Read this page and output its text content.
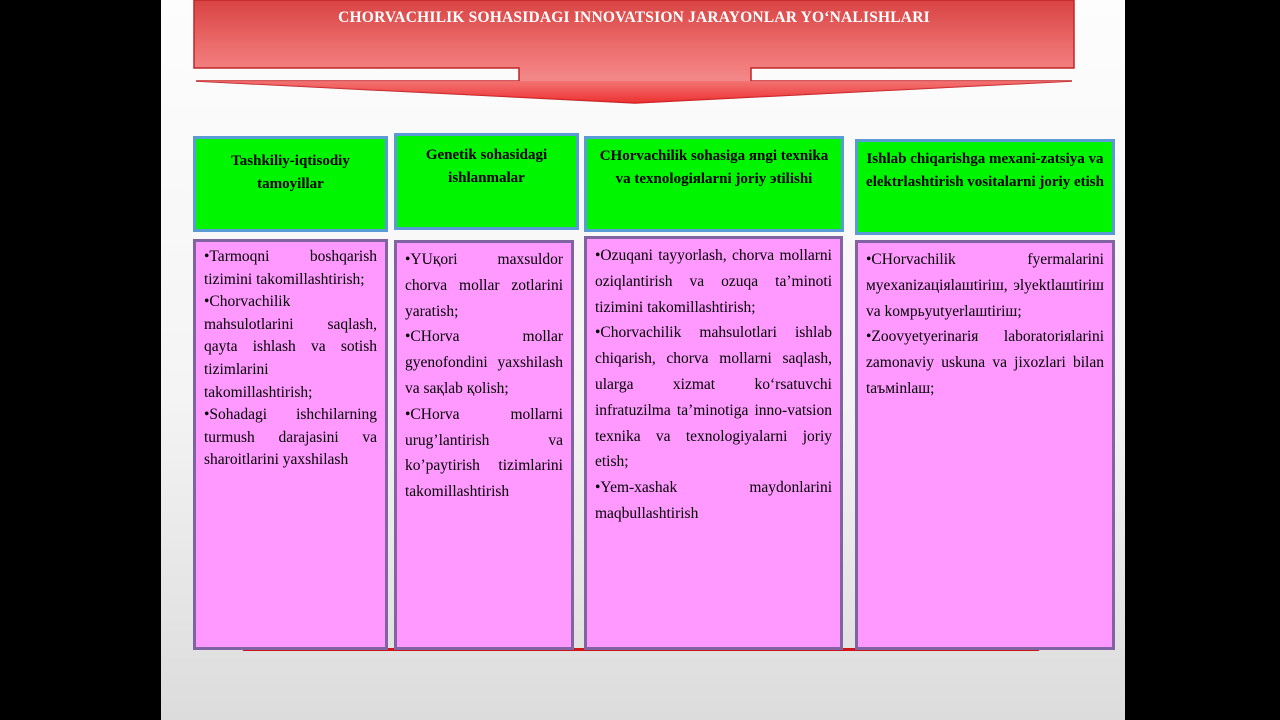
CHORVACHILIK SOHASIDAGI INNOVATSION JARAYONLAR YO‘NALISHLARI
Tashkiliy-iqtisodiy tamoyillar

•Tarmoqni boshqarish tizimini takomillashtirish;

•Chorvachilik mahsulotlarini saqlash, qayta ishlash va sotish tizimlarini takomillashtirish;

•Sohadagi ishchilarning turmush darajasini va sharoitlarini yaxshilash

Genetik sohasidagi ishlanmalar

•YUқori maхsuldor chorva mollar zotlarini yaratish;

•CHorva mollar gyenofondini yaxshilash va saқlab қolish;

•CHorva mollarni urug’lantirish va ko’paytirish tizimlarini takomillashtirish

CHorvachilik sohasiga яngi texnika va texnologiяlarni joriy эtilishi

•Ozuqani tayyorlash, chorva mollarni oziqlantirish va ozuqa ta’minoti tizimini takomillashtirish;

•Chorvachilik mahsulotlari ishlab chiqarish, chorva mollarni saqlash, ularga xizmat ko‘rsatuvchi infratuzilma ta’minotiga inno-vatsion texnika va texnologiyalarni joriy etish;

•Yem-xashak maydonlarini maqbullashtirish

Ishlab chiqarishga mexani-zatsiya va elektrlashtirish vositalarni joriy etish

•CHorvachilik fyermalarini мyexanizaцiяlaшtiriш, эlyektlaшtiriш va koмpьyutyerlaшtiriш;

•Zoovyetyerinariя laboratoriяlarini zamonaviy uskuna va jixozlari bilan taъмinlaш;
